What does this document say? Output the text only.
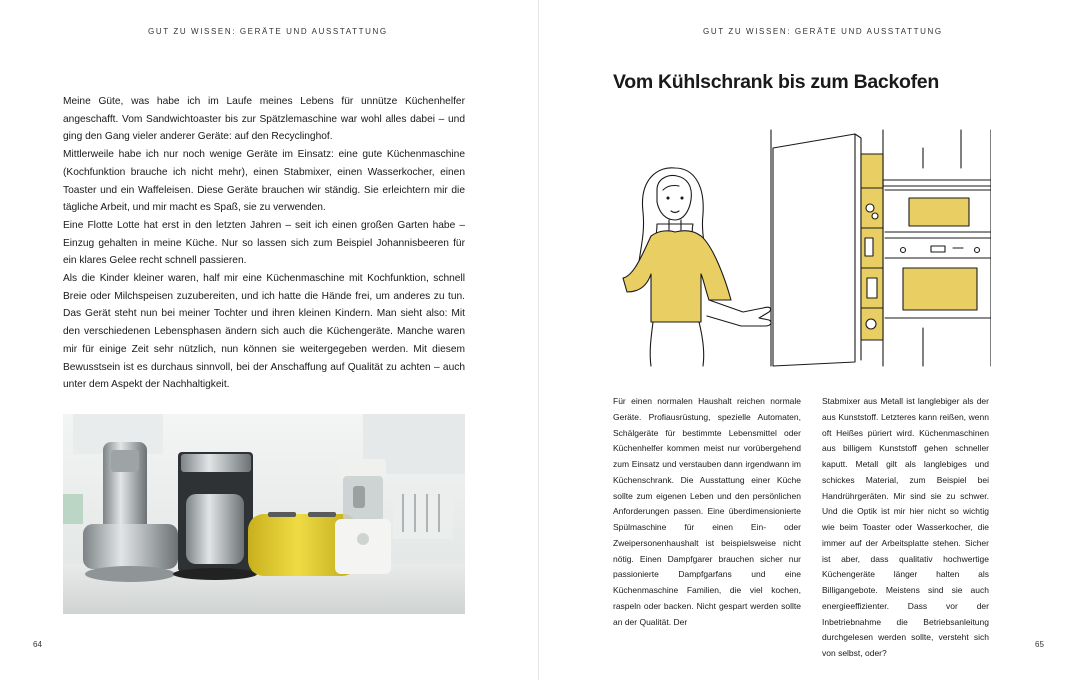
GUT ZU WISSEN: GERÄTE UND AUSSTATTUNG

Meine Güte, was habe ich im Laufe meines Lebens für unnütze Küchenhelfer angeschafft. Vom Sandwichtoaster bis zur Spätzlemaschine war wohl alles dabei – und ging den Gang vieler anderer Geräte: auf den Recyclinghof.

Mittlerweile habe ich nur noch wenige Geräte im Einsatz: eine gute Küchenmaschine (Kochfunktion brauche ich nicht mehr), einen Stabmixer, einen Wasserkocher, einen Toaster und ein Waffeleisen. Diese Geräte brauchen wir ständig. Sie erleichtern mir die tägliche Arbeit, und mir macht es Spaß, sie zu verwenden.

Eine Flotte Lotte hat erst in den letzten Jahren – seit ich einen großen Garten habe – Einzug gehalten in meine Küche. Nur so lassen sich zum Beispiel Johannisbeeren für ein klares Gelee recht schnell passieren.

Als die Kinder kleiner waren, half mir eine Küchenmaschine mit Kochfunktion, schnell Breie oder Milchspeisen zuzubereiten, und ich hatte die Hände frei, um anderes zu tun. Das Gerät steht nun bei meiner Tochter und ihren kleinen Kindern. Man sieht also: Mit den verschiedenen Lebensphasen ändern sich auch die Küchengeräte. Manche waren mir für einige Zeit sehr nützlich, nun können sie weitergegeben werden. Mit diesem Bewusstsein ist es durchaus sinnvoll, bei der Anschaffung auf Qualität zu achten – auch unter dem Aspekt der Nachhaltigkeit.

64
GUT ZU WISSEN: GERÄTE UND AUSSTATTUNG
Vom Kühlschrank bis zum Backofen

Für einen normalen Haushalt reichen normale Geräte. Profiausrüstung, spezielle Automaten, Schälgeräte für bestimmte Lebensmittel oder Küchenhelfer kommen meist nur vorübergehend zum Einsatz und verstauben dann irgendwann im Küchenschrank. Die Ausstattung einer Küche sollte zum eigenen Leben und den persönlichen Anforderungen passen. Eine überdimensionierte Spülmaschine für einen Ein- oder Zweipersonenhaushalt ist beispielsweise nicht nötig. Einen Dampfgarer brauchen sicher nur passionierte Dampfgarfans und eine Küchenmaschine Familien, die viel kochen, raspeln oder backen. Nicht gespart werden sollte an der Qualität. Der

Stabmixer aus Metall ist langlebiger als der aus Kunststoff. Letzteres kann reißen, wenn oft Heißes püriert wird. Küchenmaschinen aus billigem Kunststoff gehen schneller kaputt. Metall gilt als langlebiges und schickes Material, zum Beispiel bei Handrührgeräten. Mir sind sie zu schwer. Und die Optik ist mir hier nicht so wichtig wie beim Toaster oder Wasserkocher, die immer auf der Arbeitsplatte stehen. Sicher ist aber, dass qualitativ hochwertige Küchengeräte länger halten als Billigangebote. Meistens sind sie auch energieeffizienter. Dass vor der Inbetriebnahme die Betriebsanleitung durchgelesen werden sollte, versteht sich von selbst, oder?

65
